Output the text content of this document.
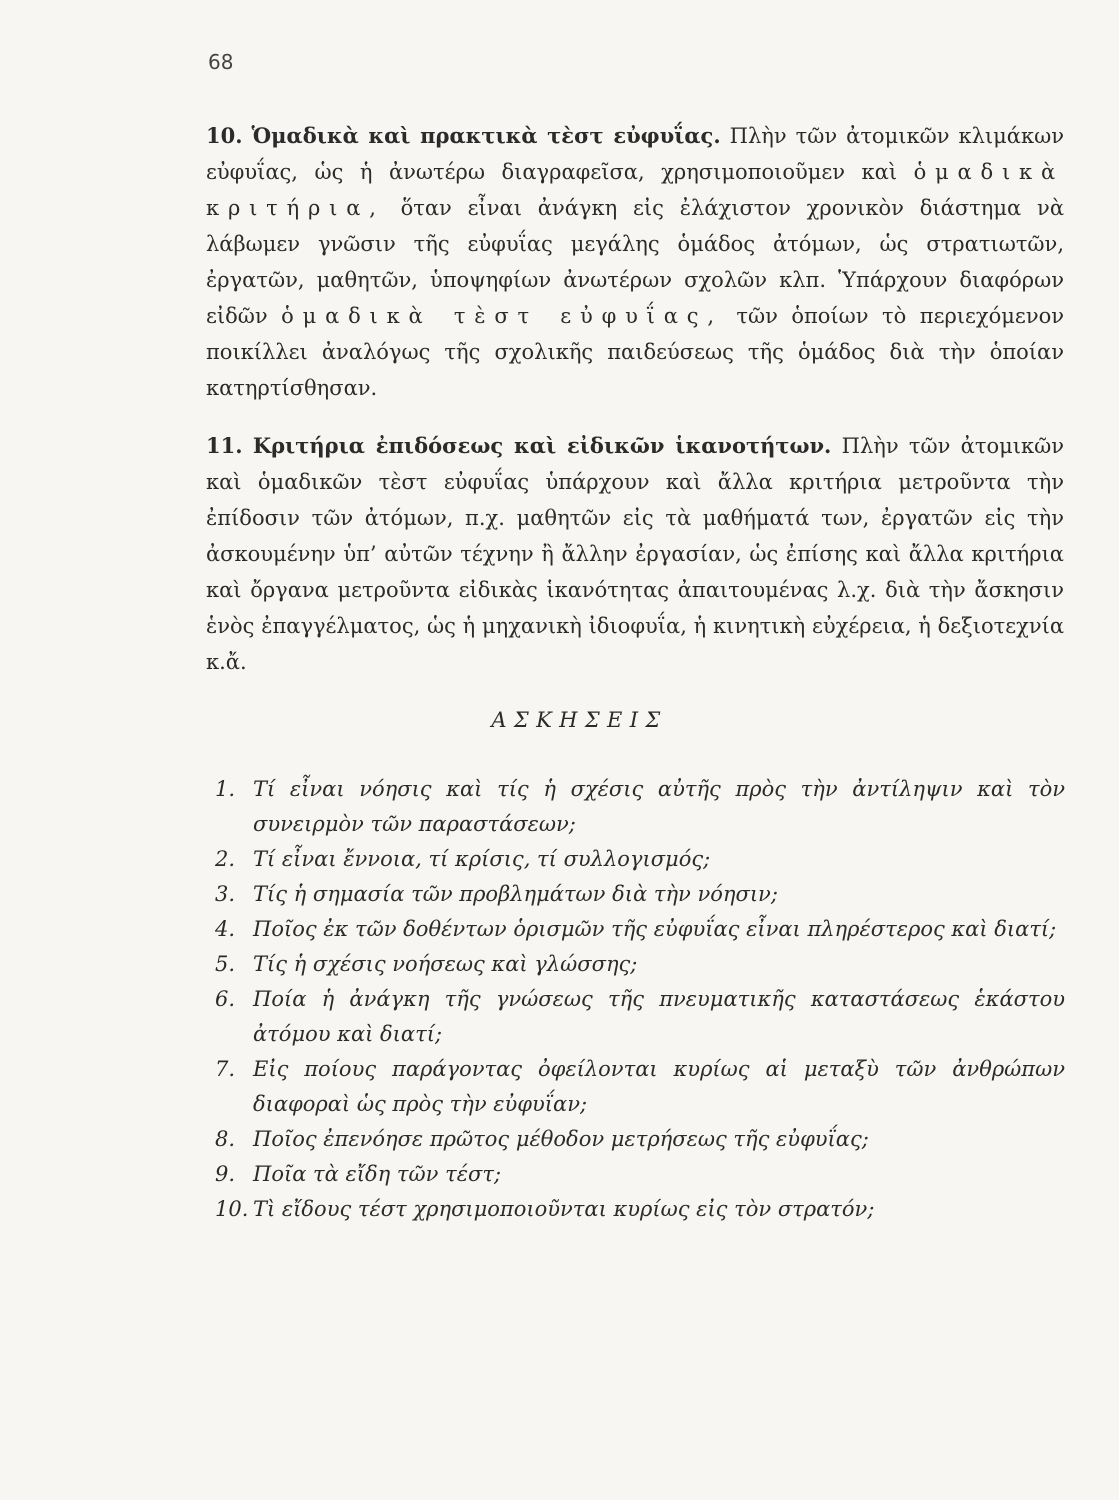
68
10. Ὁμαδικὰ καὶ πρακτικὰ τὲστ εὐφυΐας. Πλὴν τῶν ἀτομικῶν κλιμάκων εὐφυΐας, ὡς ἡ ἀνωτέρω διαγραφεῖσα, χρησιμοποιοῦμεν καὶ ὁμαδικὰ κριτήρια, ὅταν εἶναι ἀνάγκη εἰς ἐλάχιστον χρονικὸν διάστημα νὰ λάβωμεν γνῶσιν τῆς εὐφυΐας μεγάλης ὁμάδος ἀτόμων, ὡς στρατιωτῶν, ἐργατῶν, μαθητῶν, ὑποψηφίων ἀνωτέρων σχολῶν κλπ. Ὑπάρχουν διαφόρων εἰδῶν ὁμαδικὰ τὲστ εὐφυΐας, τῶν ὁποίων τὸ περιεχόμενον ποικίλλει ἀναλόγως τῆς σχολικῆς παιδεύσεως τῆς ὁμάδος διὰ τὴν ὁποίαν κατηρτίσθησαν.
11. Κριτήρια ἐπιδόσεως καὶ εἰδικῶν ἱκανοτήτων. Πλὴν τῶν ἀτομικῶν καὶ ὁμαδικῶν τὲστ εὐφυΐας ὑπάρχουν καὶ ἄλλα κριτήρια μετροῦντα τὴν ἐπίδοσιν τῶν ἀτόμων, π.χ. μαθητῶν εἰς τὰ μαθήματά των, ἐργατῶν εἰς τὴν ἀσκουμένην ὑπ’ αὐτῶν τέχνην ἢ ἄλλην ἐργασίαν, ὡς ἐπίσης καὶ ἄλλα κριτήρια καὶ ὄργανα μετροῦντα εἰδικὰς ἱκανότητας ἀπαιτουμένας λ.χ. διὰ τὴν ἄσκησιν ἑνὸς ἐπαγγέλματος, ὡς ἡ μηχανικὴ ἰδιοφυΐα, ἡ κινητικὴ εὐχέρεια, ἡ δεξιοτεχνία κ.ἄ.
ΑΣΚΗΣΕΙΣ
1. Τί εἶναι νόησις καὶ τίς ἡ σχέσις αὐτῆς πρὸς τὴν ἀντίληψιν καὶ τὸν συνειρμὸν τῶν παραστάσεων;
2. Τί εἶναι ἔννοια, τί κρίσις, τί συλλογισμός;
3. Τίς ἡ σημασία τῶν προβλημάτων διὰ τὴν νόησιν;
4. Ποῖος ἐκ τῶν δοθέντων ὁρισμῶν τῆς εὐφυΐας εἶναι πληρέστερος καὶ διατί;
5. Τίς ἡ σχέσις νοήσεως καὶ γλώσσης;
6. Ποία ἡ ἀνάγκη τῆς γνώσεως τῆς πνευματικῆς καταστάσεως ἑκάστου ἀτόμου καὶ διατί;
7. Εἰς ποίους παράγοντας ὀφείλονται κυρίως αἱ μεταξὺ τῶν ἀνθρώπων διαφοραὶ ὡς πρὸς τὴν εὐφυΐαν;
8. Ποῖος ἐπενόησε πρῶτος μέθοδον μετρήσεως τῆς εὐφυΐας;
9. Ποῖα τὰ εἴδη τῶν τέστ;
10. Τὶ εἴδους τέστ χρησιμοποιοῦνται κυρίως εἰς τὸν στρατόν;
